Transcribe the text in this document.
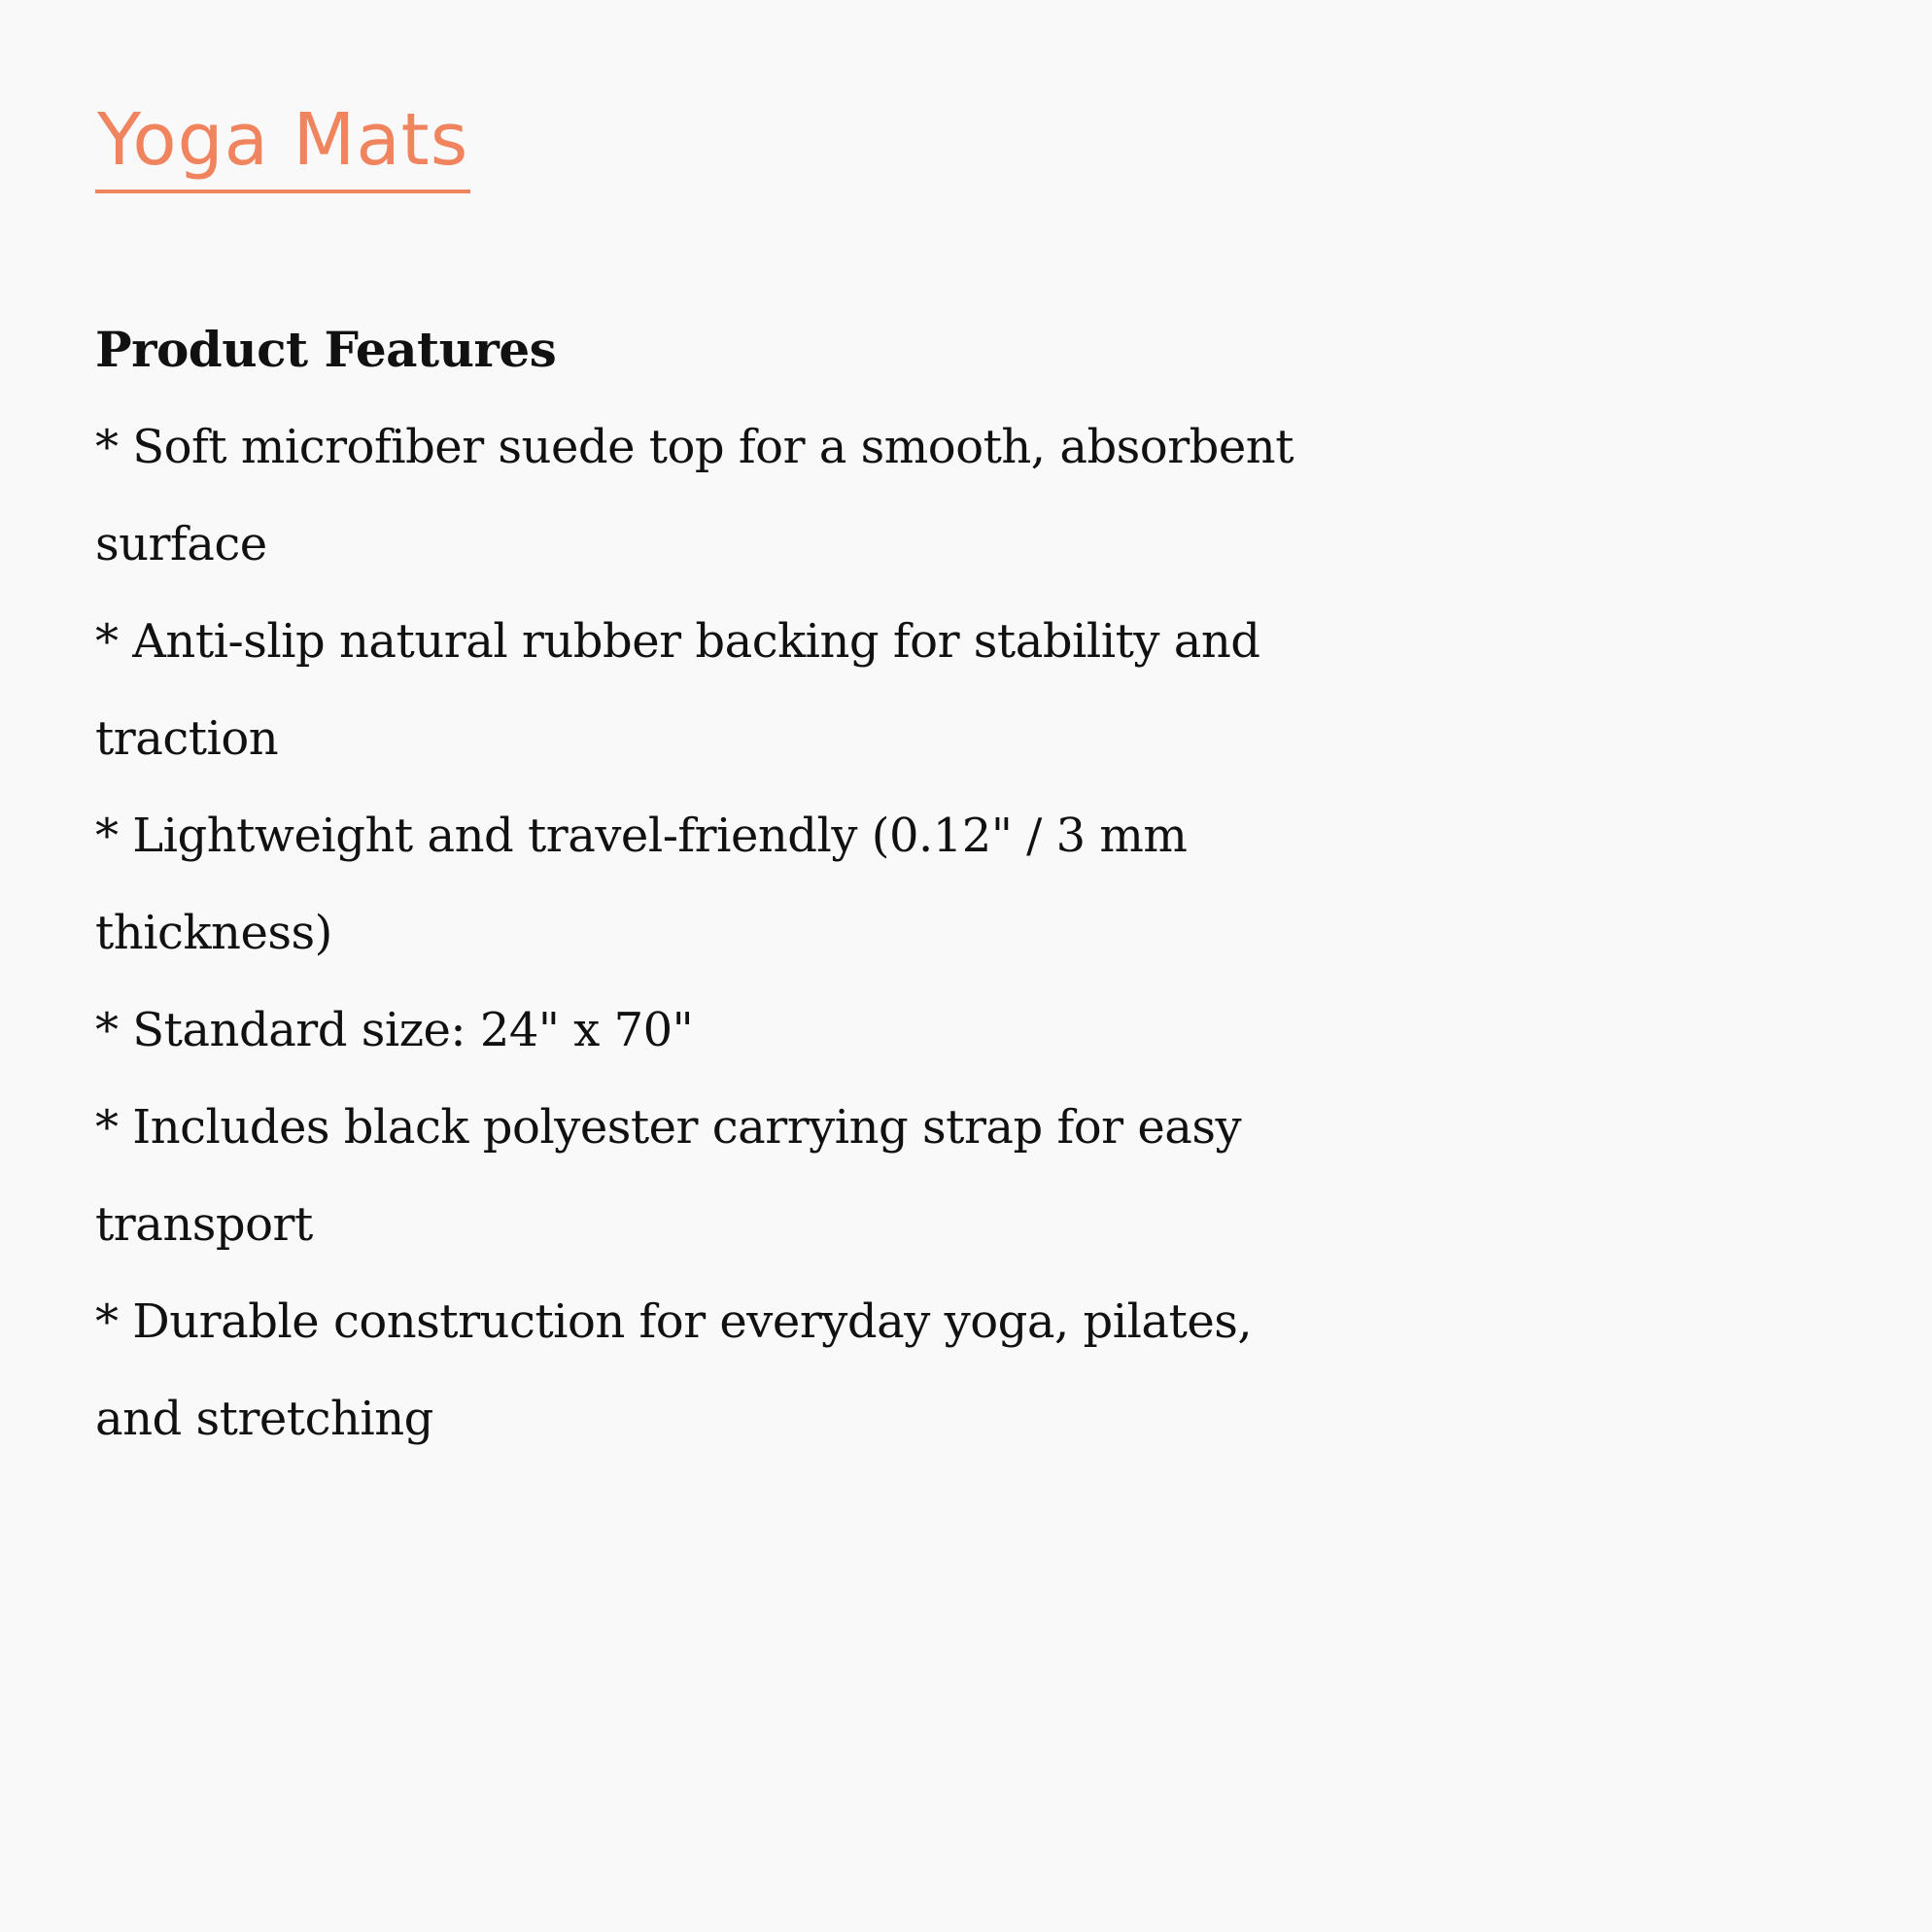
Yoga Mats
Product Features
* Soft microfiber suede top for a smooth, absorbent surface
* Anti-slip natural rubber backing for stability and traction
* Lightweight and travel-friendly (0.12" / 3 mm thickness)
* Standard size: 24" x 70"
* Includes black polyester carrying strap for easy transport
* Durable construction for everyday yoga, pilates, and stretching
